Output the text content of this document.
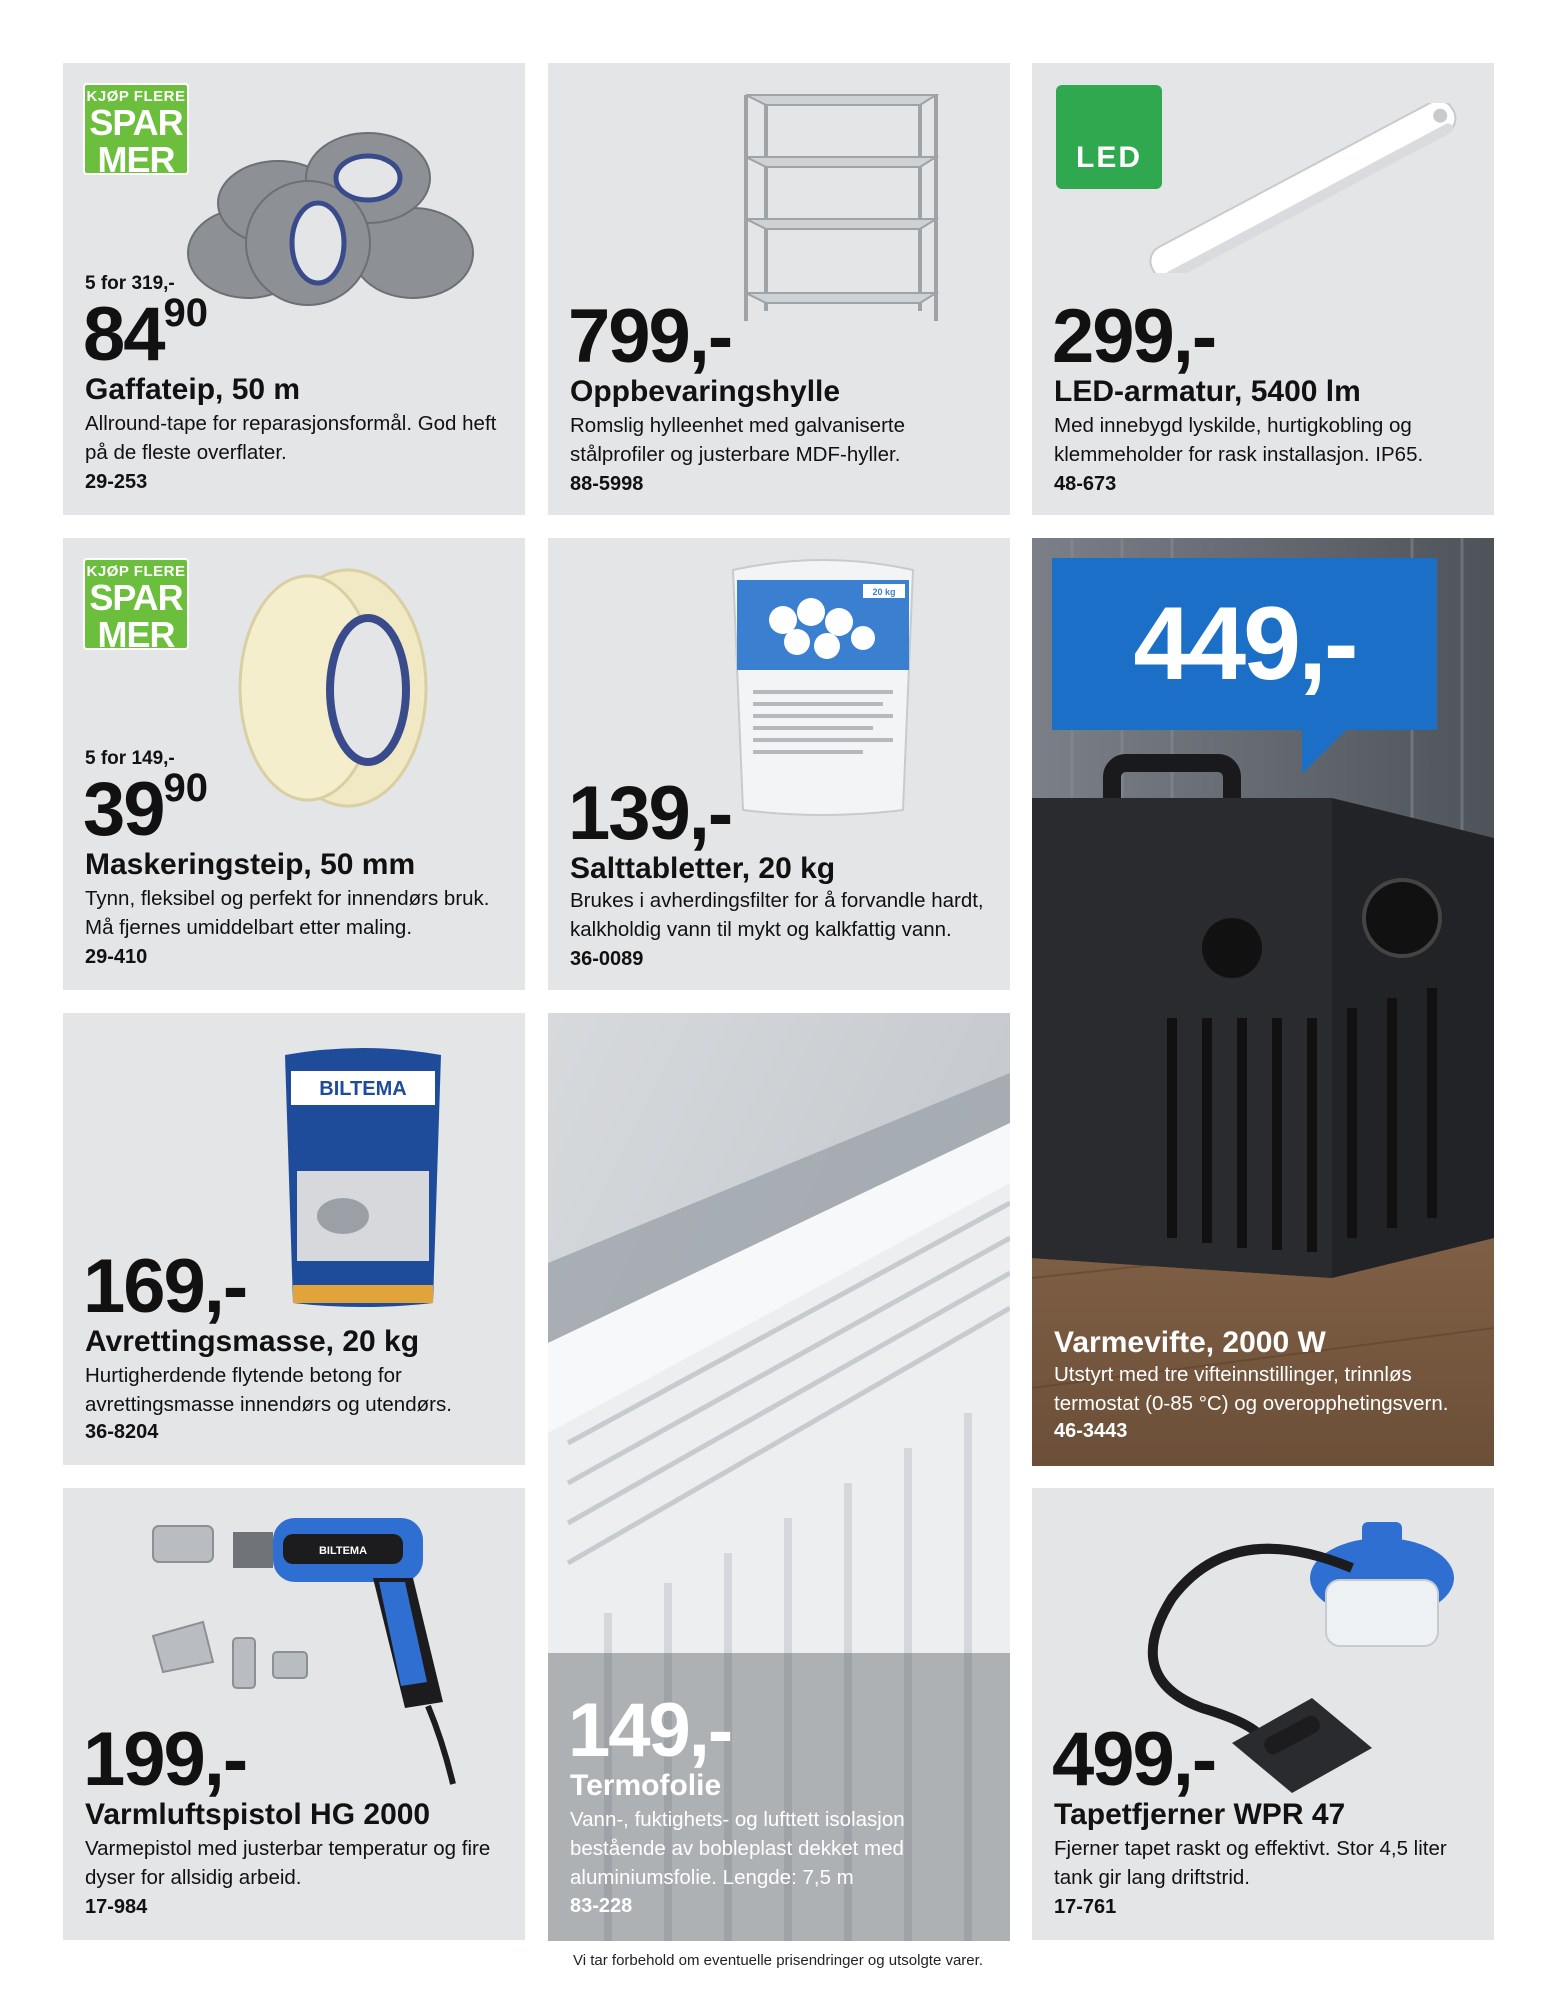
KJØP FLERE
SPAR
MER
5 for 319,-
$84^{90}$
Gaffateip, 50 m
Allround-tape for reparasjonsformål. God heft på de fleste overflater.
29-253
799,-
Oppbevaringshylle
Romslig hylleenhet med galvaniserte stålprofiler og justerbare MDF-hyller.
88-5998
LED
299,-
LED-armatur, 5400 lm
Med innebygd lyskilde, hurtigkobling og klemmeholder for rask installasjon. IP65.
48-673
KJØP FLERE
SPAR
MER
5 for 149,-
$39^{90}$
Maskeringsteip, 50 mm
Tynn, fleksibel og perfekt for innendørs bruk. Må fjernes umiddelbart etter maling.
29-410
20 kg
139,-
Salttabletter, 20 kg
Brukes i avherdingsfilter for å forvandle hardt, kalkholdig vann til mykt og kalkfattig vann.
36-0089
449,-
Varmevifte, 2000 W
Utstyrt med tre vifteinnstillinger, trinnløs termostat (0-85 °C) og overopphetingsvern.
46-3443
BILTEMA
169,-
Avrettingsmasse, 20 kg
Hurtigherdende flytende betong for avrettingsmasse innendørs og utendørs.
36-8204
149,-
Termofolie
Vann-, fuktighets- og lufttett isolasjon bestående av bobleplast dekket med aluminiumsfolie. Lengde: 7,5 m
83-228
BILTEMA
199,-
Varmluftspistol HG 2000
Varmepistol med justerbar temperatur og fire dyser for allsidig arbeid.
17-984
499,-
Tapetfjerner WPR 47
Fjerner tapet raskt og effektivt. Stor 4,5 liter tank gir lang driftstrid.
17-761
Vi tar forbehold om eventuelle prisendringer og utsolgte varer.
